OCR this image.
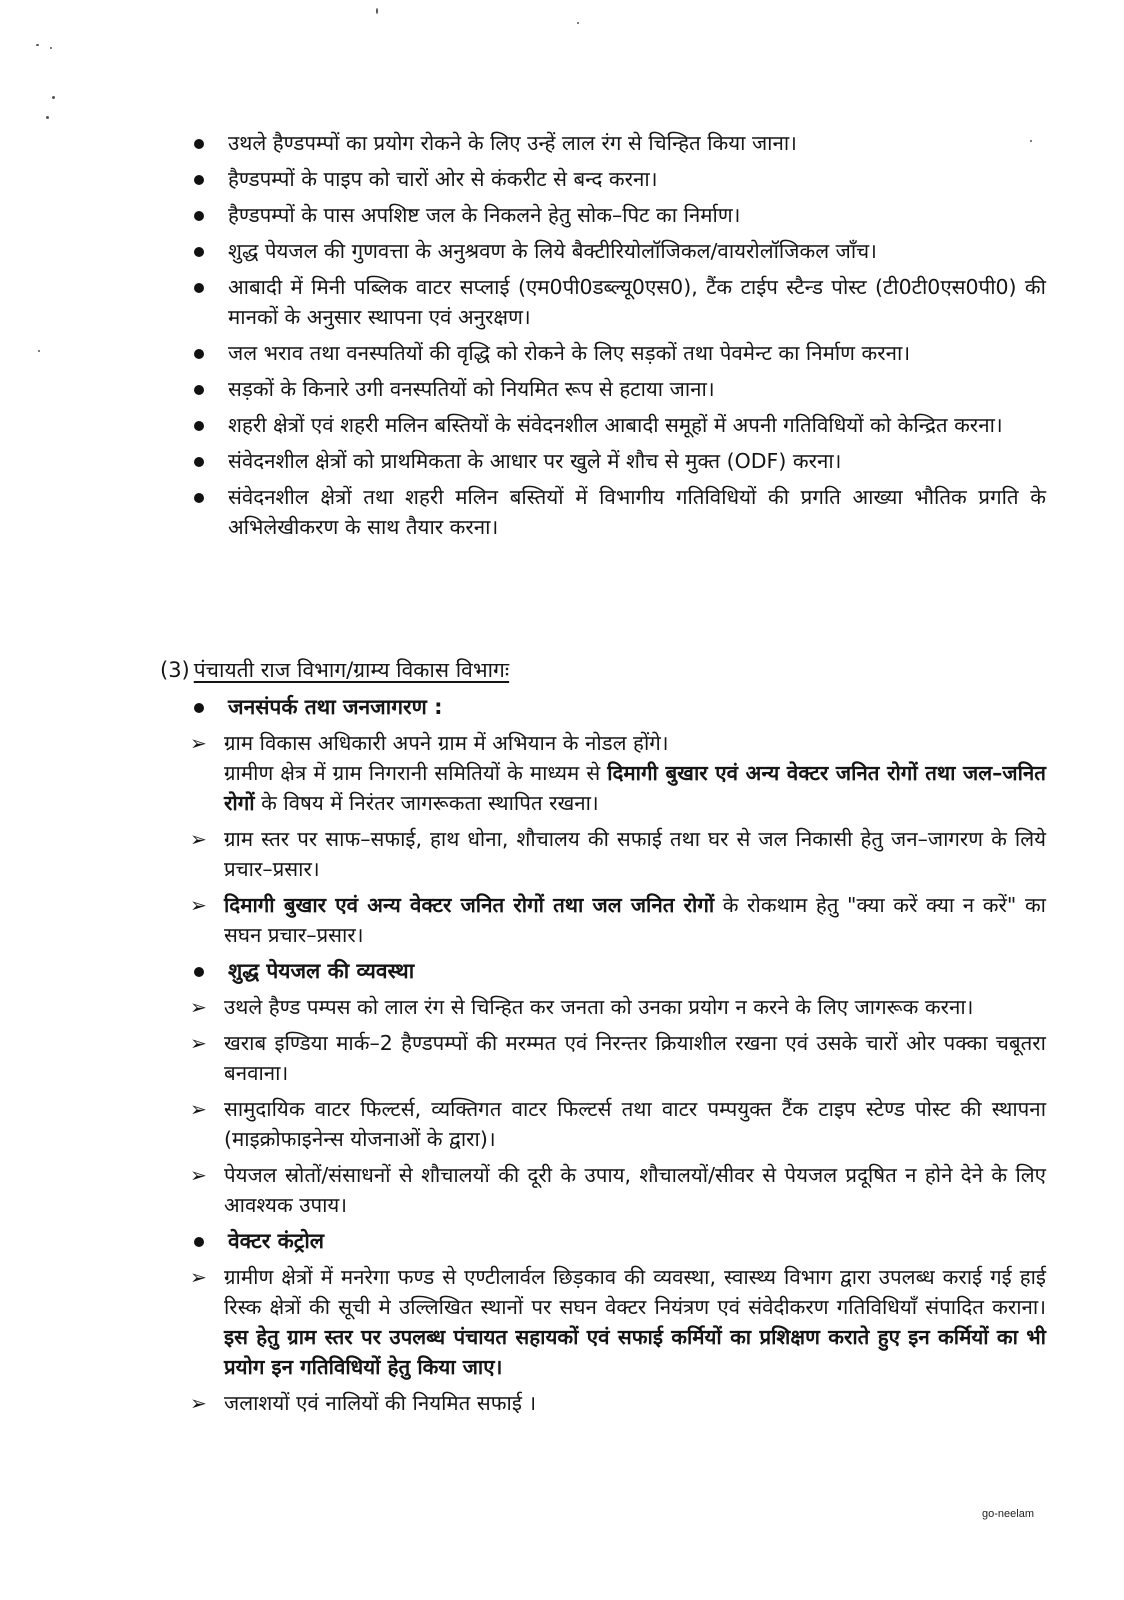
उथले हैण्डपम्पों का प्रयोग रोकने के लिए उन्हें लाल रंग से चिन्हित किया जाना।
हैण्डपम्पों के पाइप को चारों ओर से कंकरीट से बन्द करना।
हैण्डपम्पों के पास अपशिष्ट जल के निकलने हेतु सोक–पिट का निर्माण।
शुद्ध पेयजल की गुणवत्ता के अनुश्रवण के लिये बैक्टीरियोलॉजिकल/वायरोलॉजिकल जाँच।
आबादी में मिनी पब्लिक वाटर सप्लाई (एम0पी0डब्ल्यू0एस0), टैंक टाईप स्टैन्ड पोस्ट (टी0टी0एस0पी0) की मानकों के अनुसार स्थापना एवं अनुरक्षण।
जल भराव तथा वनस्पतियों की वृद्धि को रोकने के लिए सड़कों तथा पेवमेन्ट का निर्माण करना।
सड़कों के किनारे उगी वनस्पतियों को नियमित रूप से हटाया जाना।
शहरी क्षेत्रों एवं शहरी मलिन बस्तियों के संवेदनशील आबादी समूहों में अपनी गतिविधियों को केन्द्रित करना।
संवेदनशील क्षेत्रों को प्राथमिकता के आधार पर खुले में शौच से मुक्त (ODF) करना।
संवेदनशील क्षेत्रों तथा शहरी मलिन बस्तियों में विभागीय गतिविधियों की प्रगति आख्या भौतिक प्रगति के अभिलेखीकरण के साथ तैयार करना।
(3) पंचायती राज विभाग/ग्राम्य विकास विभागः
जनसंपर्क तथा जनजागरण :
➢ ग्राम विकास अधिकारी अपने ग्राम में अभियान के नोडल होंगे।
ग्रामीण क्षेत्र में ग्राम निगरानी समितियों के माध्यम से दिमागी बुखार एवं अन्य वेक्टर जनित रोगों तथा जल–जनित रोगों के विषय में निरंतर जागरूकता स्थापित रखना।
➢ ग्राम स्तर पर साफ–सफाई, हाथ धोना, शौचालय की सफाई तथा घर से जल निकासी हेतु जन–जागरण के लिये प्रचार–प्रसार।
➢ दिमागी बुखार एवं अन्य वेक्टर जनित रोगों तथा जल जनित रोगों के रोकथाम हेतु "क्या करें क्या न करें" का सघन प्रचार–प्रसार।
शुद्ध पेयजल की व्यवस्था
➢ उथले हैण्ड पम्पस को लाल रंग से चिन्हित कर जनता को उनका प्रयोग न करने के लिए जागरूक करना।
➢ खराब इण्डिया मार्क–2 हैण्डपम्पों की मरम्मत एवं निरन्तर क्रियाशील रखना एवं उसके चारों ओर पक्का चबूतरा बनवाना।
➢ सामुदायिक वाटर फिल्टर्स, व्यक्तिगत वाटर फिल्टर्स तथा वाटर पम्पयुक्त टैंक टाइप स्टेण्ड पोस्ट की स्थापना (माइक्रोफाइनेन्स योजनाओं के द्वारा)।
➢ पेयजल स्रोतों/संसाधनों से शौचालयों की दूरी के उपाय, शौचालयों/सीवर से पेयजल प्रदूषित न होने देने के लिए आवश्यक उपाय।
वेक्टर कंट्रोल
➢ ग्रामीण क्षेत्रों में मनरेगा फण्ड से एण्टीलार्वल छिड़काव की व्यवस्था, स्वास्थ्य विभाग द्वारा उपलब्ध कराई गई हाई रिस्क क्षेत्रों की सूची मे उल्लिखित स्थानों पर सघन वेक्टर नियंत्रण एवं संवेदीकरण गतिविधियाँ संपादित कराना। इस हेतु ग्राम स्तर पर उपलब्ध पंचायत सहायकों एवं सफाई कर्मियों का प्रशिक्षण कराते हुए इन कर्मियों का भी प्रयोग इन गतिविधियों हेतु किया जाए।
➢ जलाशयों एवं नालियों की नियमित सफाई ।
go-neelam
